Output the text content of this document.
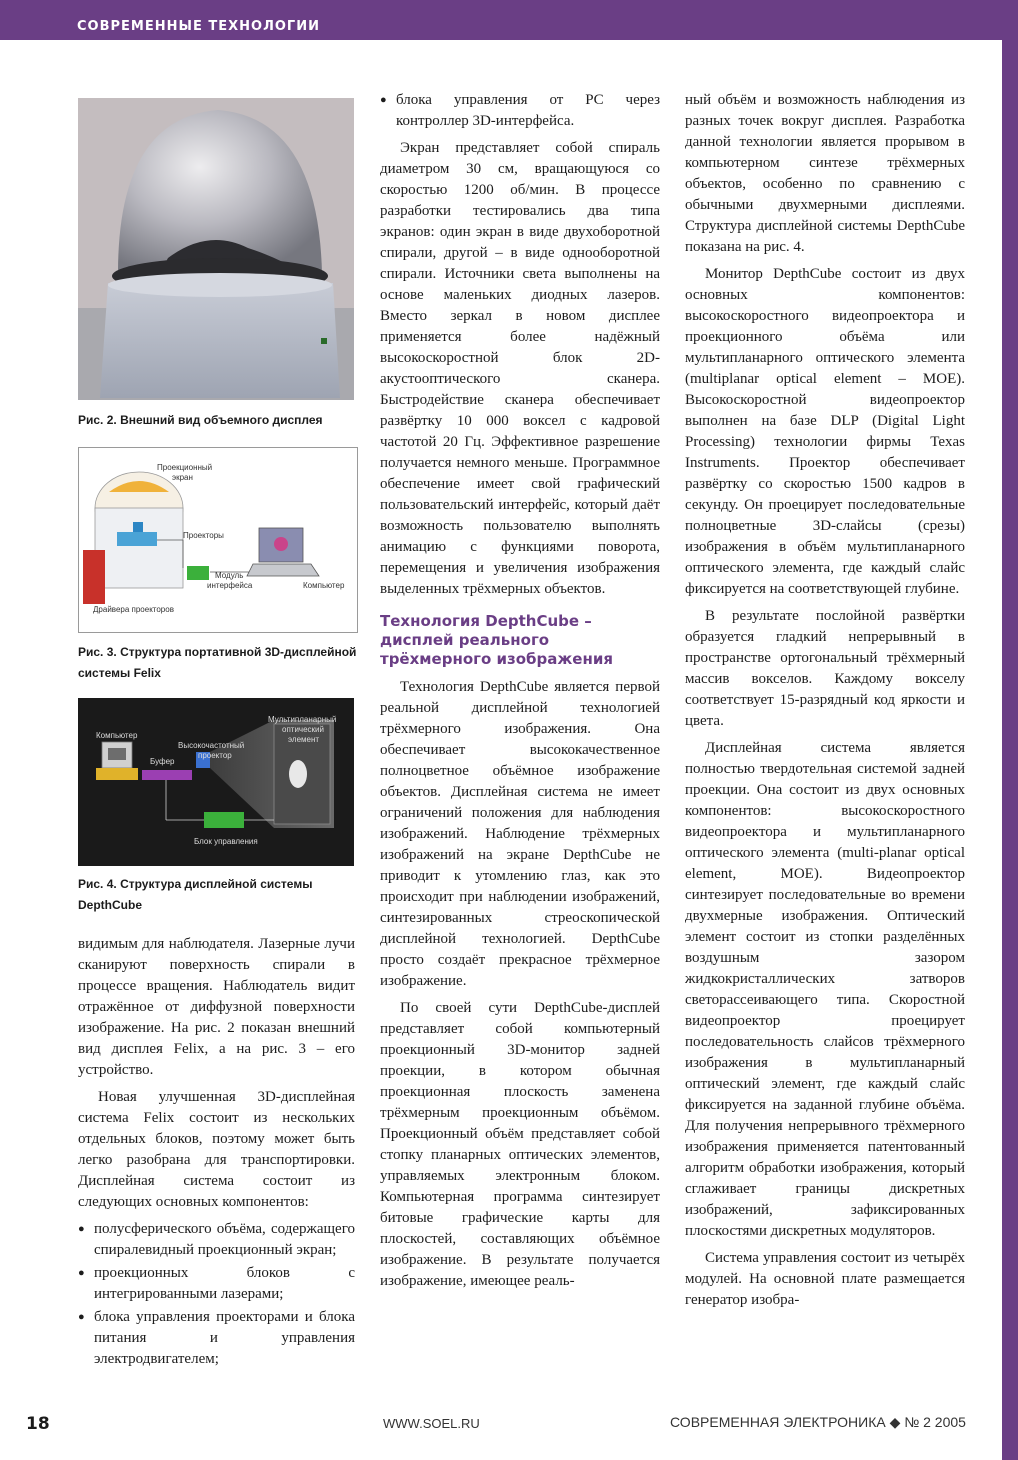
СОВРЕМЕННЫЕ ТЕХНОЛОГИИ
Рис. 2. Внешний вид объемного дисплея
Проекционный
экран
Проекторы
Модуль
интерфейса	Компьютер
Драйвера проекторов
Рис. 3. Структура портативной 3D-дисплейной системы Felix
Компьютер
Буфер
Высокочастотный
проектор
Мультипланарный
оптический
элемент
Блок управления
Рис. 4. Структура дисплейной системы DepthCube

видимым для наблюдателя. Лазерные лучи сканируют поверхность спирали в процессе вращения. Наблюдатель видит отражённое от диффузной поверхности изображение. На рис. 2 показан внешний вид дисплея Felix, а на рис. 3 – его устройство.

Новая улучшенная 3D-дисплейная система Felix состоит из нескольких отдельных блоков, поэтому может быть легко разобрана для транспортировки. Дисплейная система состоит из следующих основных компонентов:

● полусферического объёма, содержащего спиралевидный проекционный экран;
● проекционных блоков с интегрированными лазерами;
● блока управления проекторами и блока питания и управления электродвигателем;
● блока управления от PC через контроллер 3D-интерфейса.

Экран представляет собой спираль диаметром 30 см, вращающуюся со скоростью 1200 об/мин. В процессе разработки тестировались два типа экранов: один экран в виде двухоборотной спирали, другой – в виде однооборотной спирали. Источники света выполнены на основе маленьких диодных лазеров. Вместо зеркал в новом дисплее применяется более надёжный высокоскоростной блок 2D-акустооптического сканера. Быстродействие сканера обеспечивает развёртку 10 000 воксел с кадровой частотой 20 Гц. Эффективное разрешение получается немного меньше. Программное обеспечение имеет свой графический пользовательский интерфейс, который даёт возможность пользователю выполнять анимацию с функциями поворота, перемещения и увеличения изображения выделенных трёхмерных объектов.

Технология DepthCube –
дисплей реального
трёхмерного изображения

Технология DepthCube является первой реальной дисплейной технологией трёхмерного изображения. Она обеспечивает высококачественное полноцветное объёмное изображение объектов. Дисплейная система не имеет ограничений положения для наблюдения изображений. Наблюдение трёхмерных изображений на экране DepthCube не приводит к утомлению глаз, как это происходит при наблюдении изображений, синтезированных стреоскопической дисплейной технологией. DepthCube просто создаёт прекрасное трёхмерное изображение.

По своей сути DepthCube-дисплей представляет собой компьютерный проекционный 3D-монитор задней проекции, в котором обычная проекционная плоскость заменена трёхмерным проекционным объёмом. Проекционный объём представляет собой стопку планарных оптических элементов, управляемых электронным блоком. Компьютерная программа синтезирует битовые графические карты для плоскостей, составляющих объёмное изображение. В результате получается изображение, имеющее реаль-

ный объём и возможность наблюдения из разных точек вокруг дисплея. Разработка данной технологии является прорывом в компьютерном синтезе трёхмерных объектов, особенно по сравнению с обычными двухмерными дисплеями. Структура дисплейной системы DepthCube показана на рис. 4.

Монитор DepthCube состоит из двух основных компонентов: высокоскоростного видеопроектора и проекционного объёма или мультипланарного оптического элемента (multiplanar optical element – MOE). Высокоскоростной видеопроектор выполнен на базе DLP (Digital Light Processing) технологии фирмы Texas Instruments. Проектор обеспечивает развёртку со скоростью 1500 кадров в секунду. Он проецирует последовательные полноцветные 3D-слайсы (срезы) изображения в объём мультипланарного оптического элемента, где каждый слайс фиксируется на соответствующей глубине.

В результате послойной развёртки образуется гладкий непрерывный в пространстве ортогональный трёхмерный массив вокселов. Каждому вокселу соответствует 15-разрядный код яркости и цвета.

Дисплейная система является полностью твердотельная системой задней проекции. Она состоит из двух основных компонентов: высокоскоростного видеопроектора и мультипланарного оптического элемента (multi-planar optical element, MOE). Видеопроектор синтезирует последовательные во времени двухмерные изображения. Оптический элемент состоит из стопки разделённых воздушным зазором жидкокристаллических затворов светорассеивающего типа. Скоростной видеопроектор проецирует последовательность слайсов трёхмерного изображения в мультипланарный оптический элемент, где каждый слайс фиксируется на заданной глубине объёма. Для получения непрерывного трёхмерного изображения применяется патентованный алгоритм обработки изображения, который сглаживает границы дискретных изображений, зафиксированных плоскостями дискретных модуляторов.

Система управления состоит из четырёх модулей. На основной плате размещается генератор изобра-

18	WWW.SOEL.RU	СОВРЕМЕННАЯ ЭЛЕКТРОНИКА ◆ № 2 2005
